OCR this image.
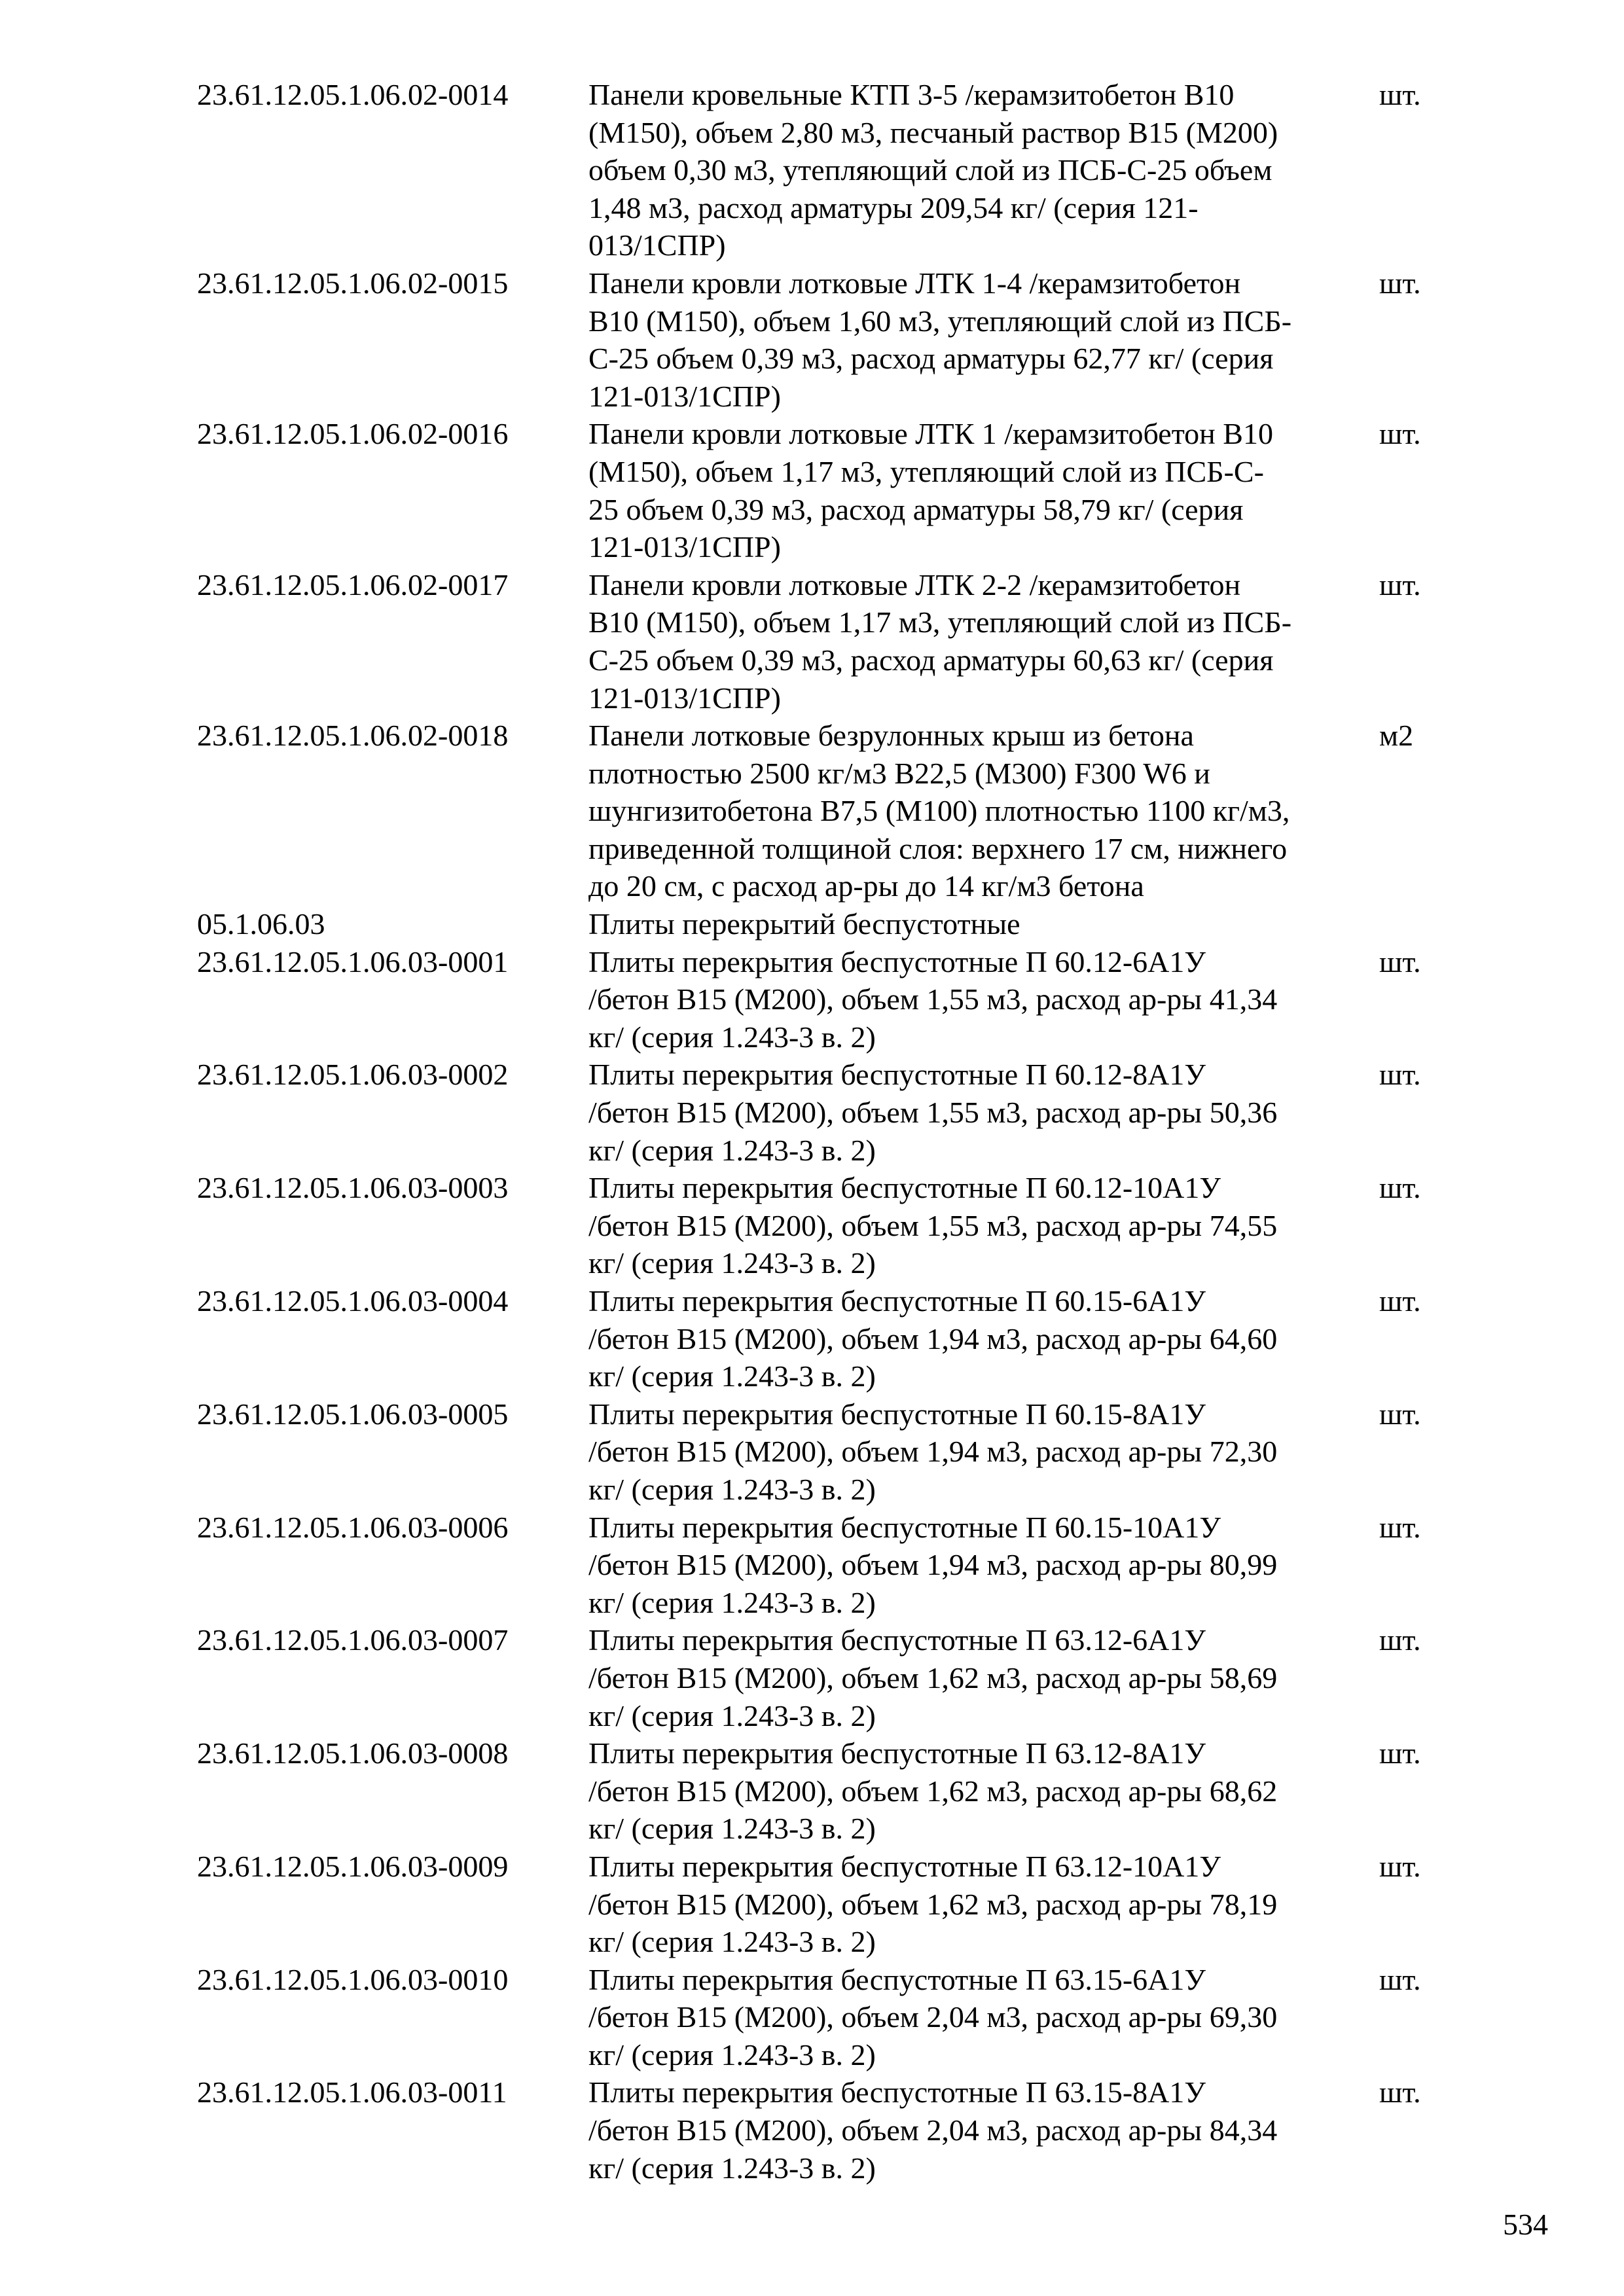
23.61.12.05.1.06.02-0014	Панели кровельные КТП 3-5 /керамзитобетон В10
(М150), объем 2,80 м3, песчаный раствор В15 (М200)
объем 0,30 м3, утепляющий слой из ПСБ-С-25 объем
1,48 м3, расход арматуры 209,54 кг/ (серия 121-
013/1СПР)
шт.
23.61.12.05.1.06.02-0015	Панели кровли лотковые ЛТК 1-4 /керамзитобетон
В10 (М150), объем 1,60 м3, утепляющий слой из ПСБ-
С-25 объем 0,39 м3, расход арматуры 62,77 кг/ (серия
121-013/1СПР)
шт.
23.61.12.05.1.06.02-0016	Панели кровли лотковые ЛТК 1 /керамзитобетон В10
(М150), объем 1,17 м3, утепляющий слой из ПСБ-С-
25 объем 0,39 м3, расход арматуры 58,79 кг/ (серия
121-013/1СПР)
шт.
23.61.12.05.1.06.02-0017	Панели кровли лотковые ЛТК 2-2 /керамзитобетон
В10 (М150), объем 1,17 м3, утепляющий слой из ПСБ-
С-25 объем 0,39 м3, расход арматуры 60,63 кг/ (серия
121-013/1СПР)
шт.
23.61.12.05.1.06.02-0018	Панели лотковые безрулонных крыш из бетона
плотностью 2500 кг/м3 В22,5 (М300) F300 W6 и
шунгизитобетона В7,5 (М100) плотностью 1100 кг/м3,
приведенной толщиной слоя: верхнего 17 см, нижнего
до 20 см, с расход ар-ры до 14 кг/м3 бетона
м2
05.1.06.03	Плиты перекрытий беспустотные
23.61.12.05.1.06.03-0001	Плиты перекрытия беспустотные П 60.12-6А1У
/бетон В15 (М200), объем 1,55 м3, расход ар-ры 41,34
кг/ (серия 1.243-3 в. 2)
шт.
23.61.12.05.1.06.03-0002	Плиты перекрытия беспустотные П 60.12-8А1У
/бетон В15 (М200), объем 1,55 м3, расход ар-ры 50,36
кг/ (серия 1.243-3 в. 2)
шт.
23.61.12.05.1.06.03-0003	Плиты перекрытия беспустотные П 60.12-10А1У
/бетон В15 (М200), объем 1,55 м3, расход ар-ры 74,55
кг/ (серия 1.243-3 в. 2)
шт.
23.61.12.05.1.06.03-0004	Плиты перекрытия беспустотные П 60.15-6А1У
/бетон В15 (М200), объем 1,94 м3, расход ар-ры 64,60
кг/ (серия 1.243-3 в. 2)
шт.
23.61.12.05.1.06.03-0005	Плиты перекрытия беспустотные П 60.15-8А1У
/бетон В15 (М200), объем 1,94 м3, расход ар-ры 72,30
кг/ (серия 1.243-3 в. 2)
шт.
23.61.12.05.1.06.03-0006	Плиты перекрытия беспустотные П 60.15-10А1У
/бетон В15 (М200), объем 1,94 м3, расход ар-ры 80,99
кг/ (серия 1.243-3 в. 2)
шт.
23.61.12.05.1.06.03-0007	Плиты перекрытия беспустотные П 63.12-6А1У
/бетон В15 (М200), объем 1,62 м3, расход ар-ры 58,69
кг/ (серия 1.243-3 в. 2)
шт.
23.61.12.05.1.06.03-0008	Плиты перекрытия беспустотные П 63.12-8А1У
/бетон В15 (М200), объем 1,62 м3, расход ар-ры 68,62
кг/ (серия 1.243-3 в. 2)
шт.
23.61.12.05.1.06.03-0009	Плиты перекрытия беспустотные П 63.12-10А1У
/бетон В15 (М200), объем 1,62 м3, расход ар-ры 78,19
кг/ (серия 1.243-3 в. 2)
шт.
23.61.12.05.1.06.03-0010	Плиты перекрытия беспустотные П 63.15-6А1У
/бетон В15 (М200), объем 2,04 м3, расход ар-ры 69,30
кг/ (серия 1.243-3 в. 2)
шт.
23.61.12.05.1.06.03-0011	Плиты перекрытия беспустотные П 63.15-8А1У
/бетон В15 (М200), объем 2,04 м3, расход ар-ры 84,34
кг/ (серия 1.243-3 в. 2)
шт.
534
